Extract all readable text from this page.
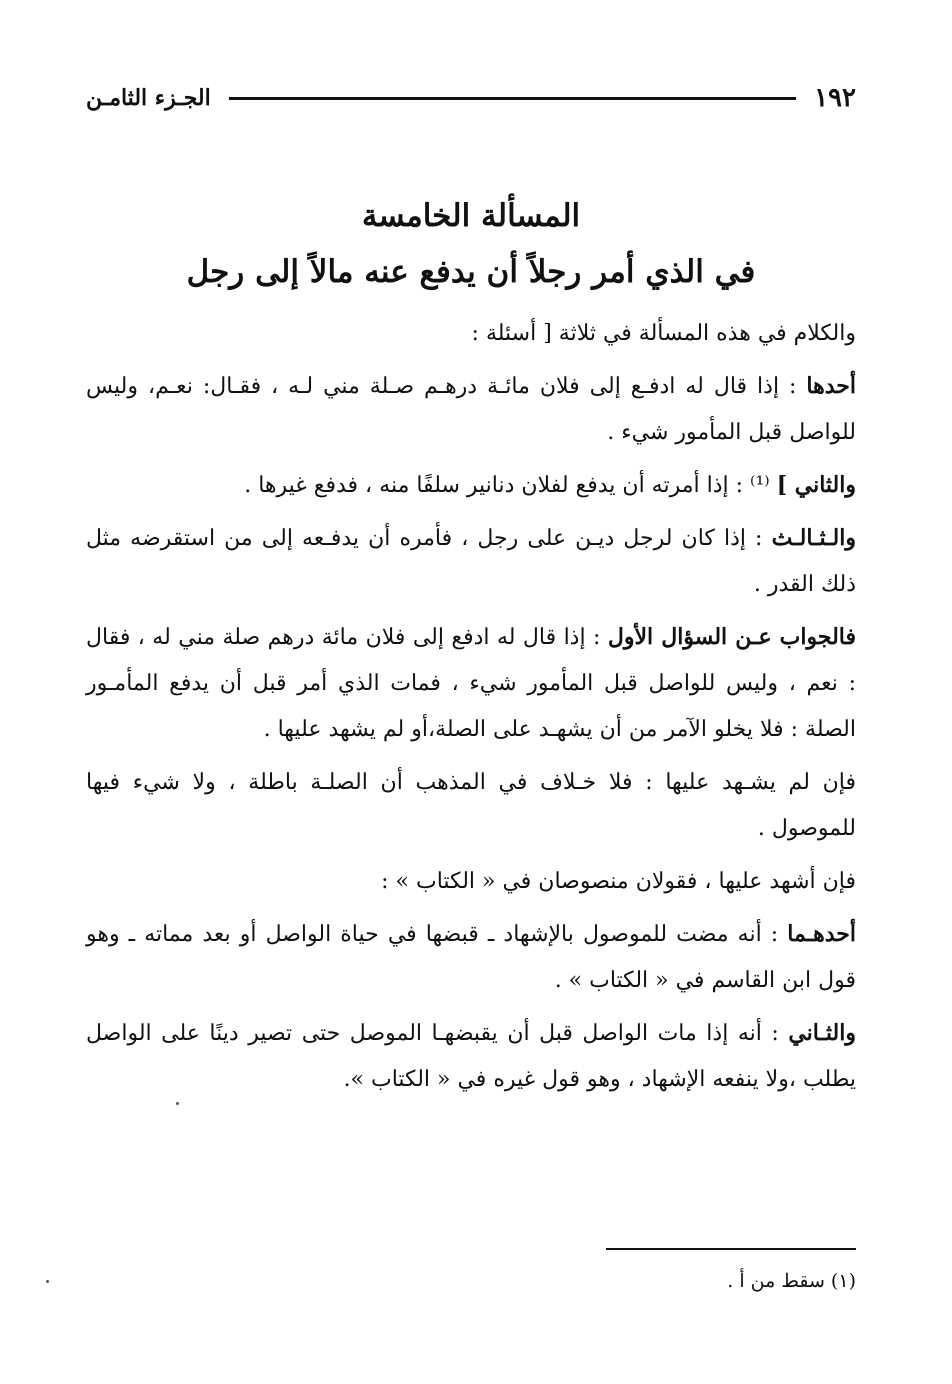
١٩٢
الجـزء الثامـن
المسألة الخامسة
في الذي أمر رجلاً أن يدفع عنه مالاً إلى رجل

والكلام في هذه المسألة في ثلاثة [ أسئلة :

أحدها : إذا قال له ادفـع إلى فلان مائـة درهـم صـلة مني لـه ، فقـال: نعـم، وليس للواصل قبل المأمور شيء .

والثاني ] ⁽¹⁾ : إذا أمرته أن يدفع لفلان دنانير سلفًا منه ، فدفع غيرها .

والـثـالـث : إذا كان لرجل ديـن على رجل ، فأمره أن يدفـعه إلى من استقرضه مثل ذلك القدر .

فالجواب عـن السؤال الأول : إذا قال له ادفع إلى فلان مائة درهم صلة مني له ، فقال : نعم ، وليس للواصل قبل المأمور شيء ، فمات الذي أمر قبل أن يدفع المأمـور الصلة : فلا يخلو الآمر من أن يشهـد على الصلة،أو لم يشهد عليها .

فإن لم يشـهد عليها : فلا خـلاف في المذهب أن الصلـة باطلة ، ولا شيء فيها للموصول .

فإن أشهد عليها ، فقولان منصوصان في « الكتاب » :

أحدهـما : أنه مضت للموصول بالإشهاد ـ قبضها في حياة الواصل أو بعد مماته ـ وهو قول ابن القاسم في « الكتاب » .

والثـاني : أنه إذا مات الواصل قبل أن يقبضهـا الموصل حتى تصير دينًا على الواصل يطلب ،ولا ينفعه الإشهاد ، وهو قول غيره في « الكتاب ».

(١) سقط من أ .
